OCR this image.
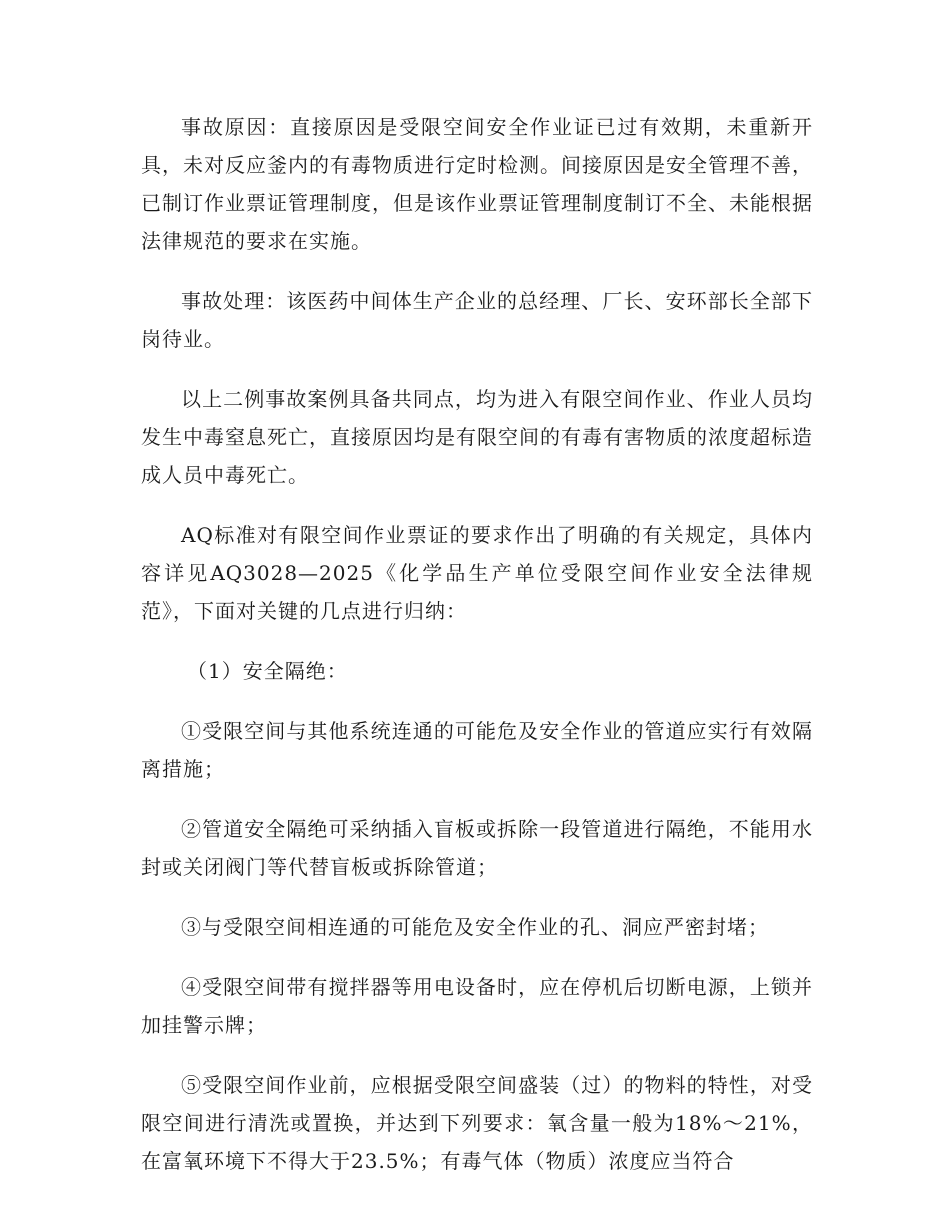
事故原因：直接原因是受限空间安全作业证已过有效期，未重新开具，未对反应釜内的有毒物质进行定时检测。间接原因是安全管理不善，已制订作业票证管理制度，但是该作业票证管理制度制订不全、未能根据法律规范的要求在实施。

事故处理：该医药中间体生产企业的总经理、厂长、安环部长全部下岗待业。

以上二例事故案例具备共同点，均为进入有限空间作业、作业人员均发生中毒窒息死亡，直接原因均是有限空间的有毒有害物质的浓度超标造成人员中毒死亡。

AQ标准对有限空间作业票证的要求作出了明确的有关规定，具体内容详见AQ3028—2025《化学品生产单位受限空间作业安全法律规范》，下面对关键的几点进行归纳：

（1）安全隔绝：

①受限空间与其他系统连通的可能危及安全作业的管道应实行有效隔离措施；

②管道安全隔绝可采纳插入盲板或拆除一段管道进行隔绝，不能用水封或关闭阀门等代替盲板或拆除管道；

③与受限空间相连通的可能危及安全作业的孔、洞应严密封堵；

④受限空间带有搅拌器等用电设备时，应在停机后切断电源，上锁并加挂警示牌；

⑤受限空间作业前，应根据受限空间盛装（过）的物料的特性，对受限空间进行清洗或置换，并达到下列要求：氧含量一般为18%～21%，在富氧环境下不得大于23.5%；有毒气体（物质）浓度应当符合
